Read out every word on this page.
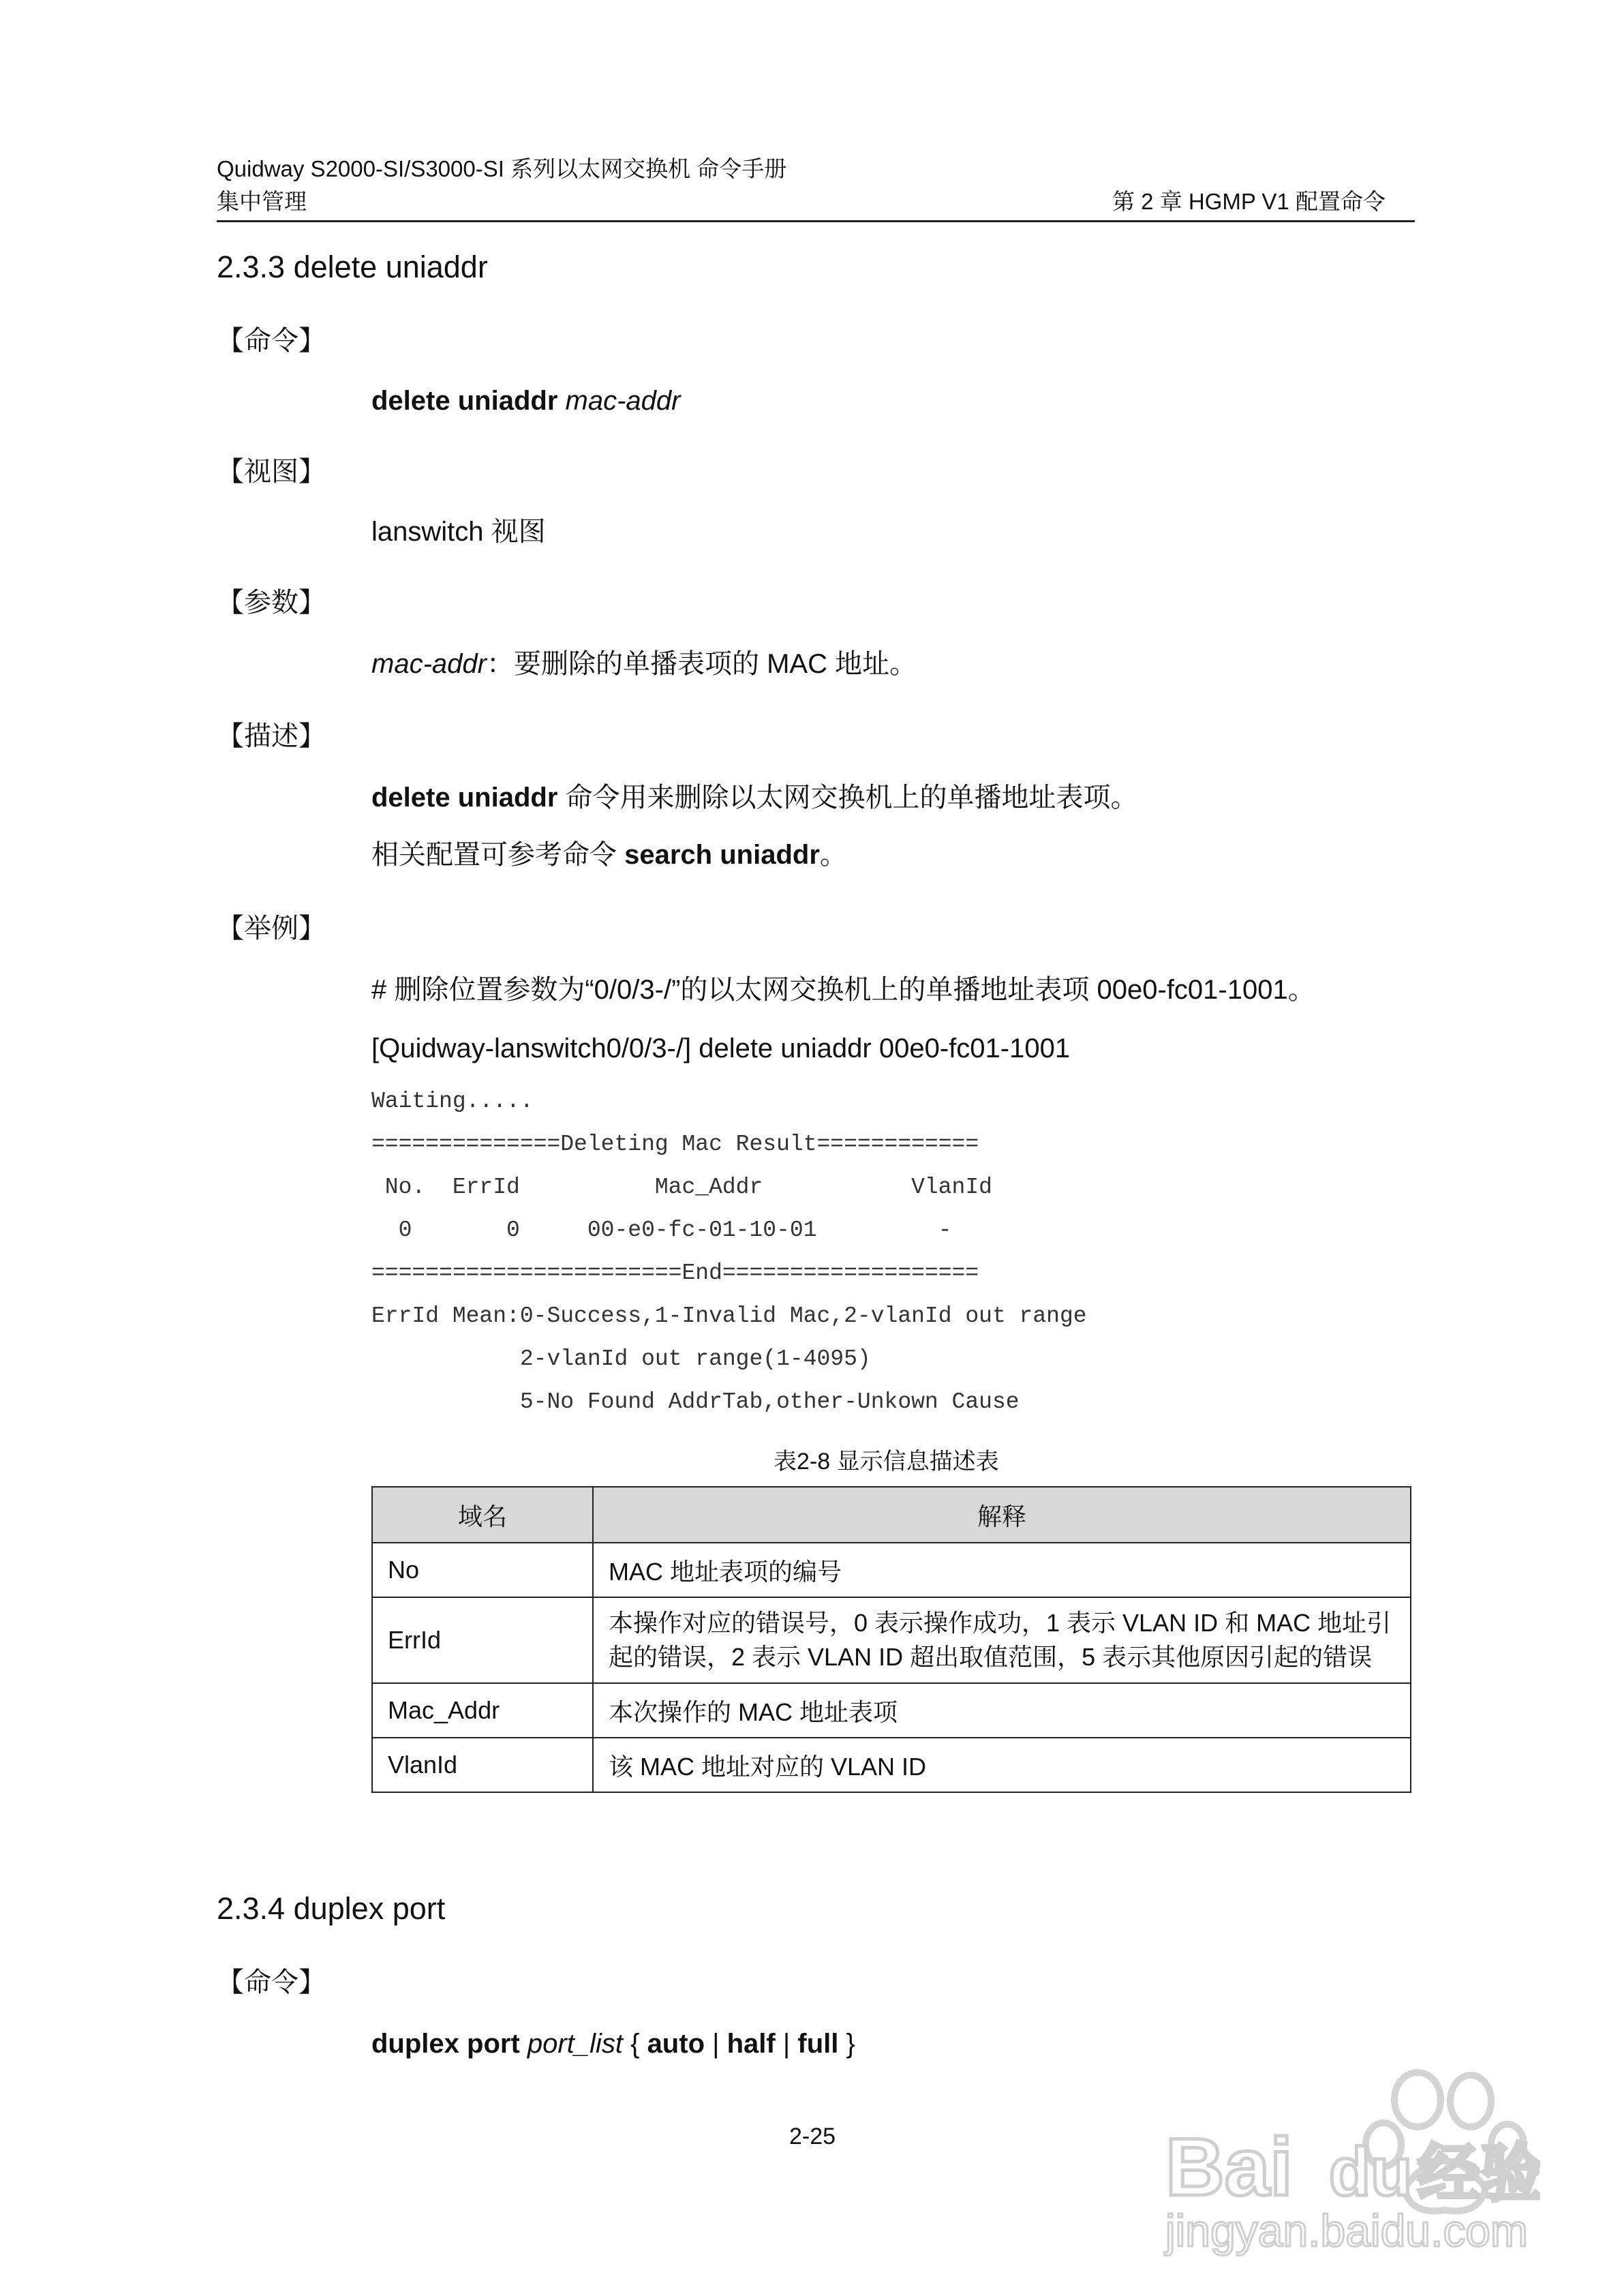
Quidway S2000-SI/S3000-SI 系列以太网交换机 命令手册
集中管理	第 2 章 HGMP V1 配置命令
2.3.3 delete uniaddr
【命令】
delete uniaddr mac-addr
【视图】
lanswitch 视图
【参数】
mac-addr：要删除的单播表项的 MAC 地址。
【描述】
delete uniaddr 命令用来删除以太网交换机上的单播地址表项。
相关配置可参考命令 search uniaddr。
【举例】
# 删除位置参数为“0/0/3-/”的以太网交换机上的单播地址表项 00e0-fc01-1001。
[Quidway-lanswitch0/0/3-/] delete uniaddr 00e0-fc01-1001
Waiting.....
==============Deleting Mac Result============
No.  ErrId          Mac_Addr           VlanId
0       0     00-e0-fc-01-10-01         -
=======================End===================
ErrId Mean:0-Success,1-Invalid Mac,2-vlanId out range
2-vlanId out range(1-4095)
5-No Found AddrTab,other-Unkown Cause
表2-8 显示信息描述表
域名	解释
No	MAC 地址表项的编号
ErrId	本操作对应的错误号，0 表示操作成功，1 表示 VLAN ID 和 MAC 地址引起的错误，2 表示 VLAN ID 超出取值范围，5 表示其他原因引起的错误
Mac_Addr	本次操作的 MAC 地址表项
VlanId	该 MAC 地址对应的 VLAN ID
2.3.4 duplex port
【命令】
duplex port port_list { auto | half | full }
2-25	Bai du 经验
jingyan.baidu.com
